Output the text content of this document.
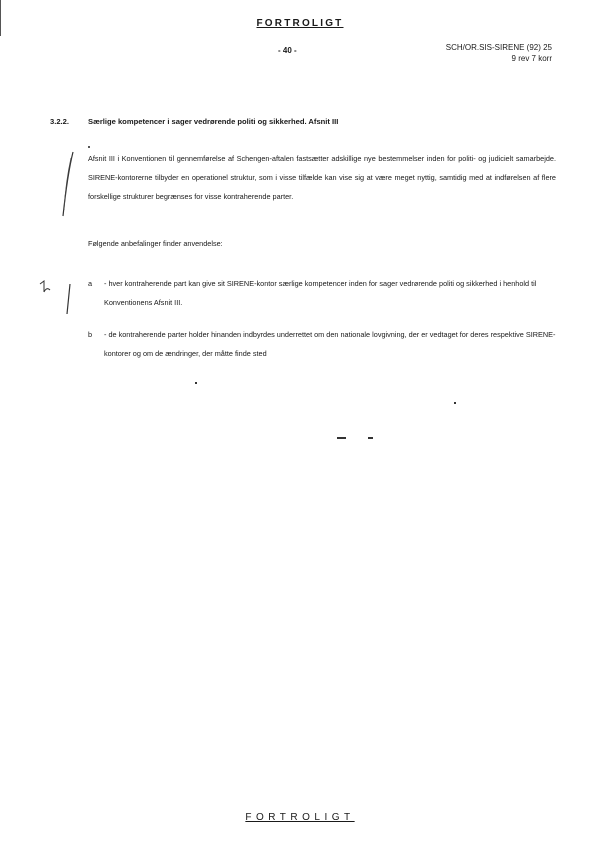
FORTROLIGT
- 40 -	SCH/OR.SIS-SIRENE (92) 25
9 rev 7 korr
3.2.2.	Særlige kompetencer i sager vedrørende politi og sikkerhed. Afsnit III
Afsnit III i Konventionen til gennemførelse af Schengen-aftalen fastsætter adskillige nye bestemmelser inden for politi- og judicielt samarbejde. SIRENE-kontorerne tilbyder en operationel struktur, som i visse tilfælde kan vise sig at være meget nyttig, samtidig med at indførelsen af flere forskellige strukturer begrænses for visse kontraherende parter.
Følgende anbefalinger finder anvendelse:
a - hver kontraherende part kan give sit SIRENE-kontor særlige kompetencer inden for sager vedrørende politi og sikkerhed i henhold til Konventionens Afsnit III.
b - de kontraherende parter holder hinanden indbyrdes underrettet om den nationale lovgivning, der er vedtaget for deres respektive SIRENE-kontorer og om de ændringer, der måtte finde sted
FORTROLIGT
